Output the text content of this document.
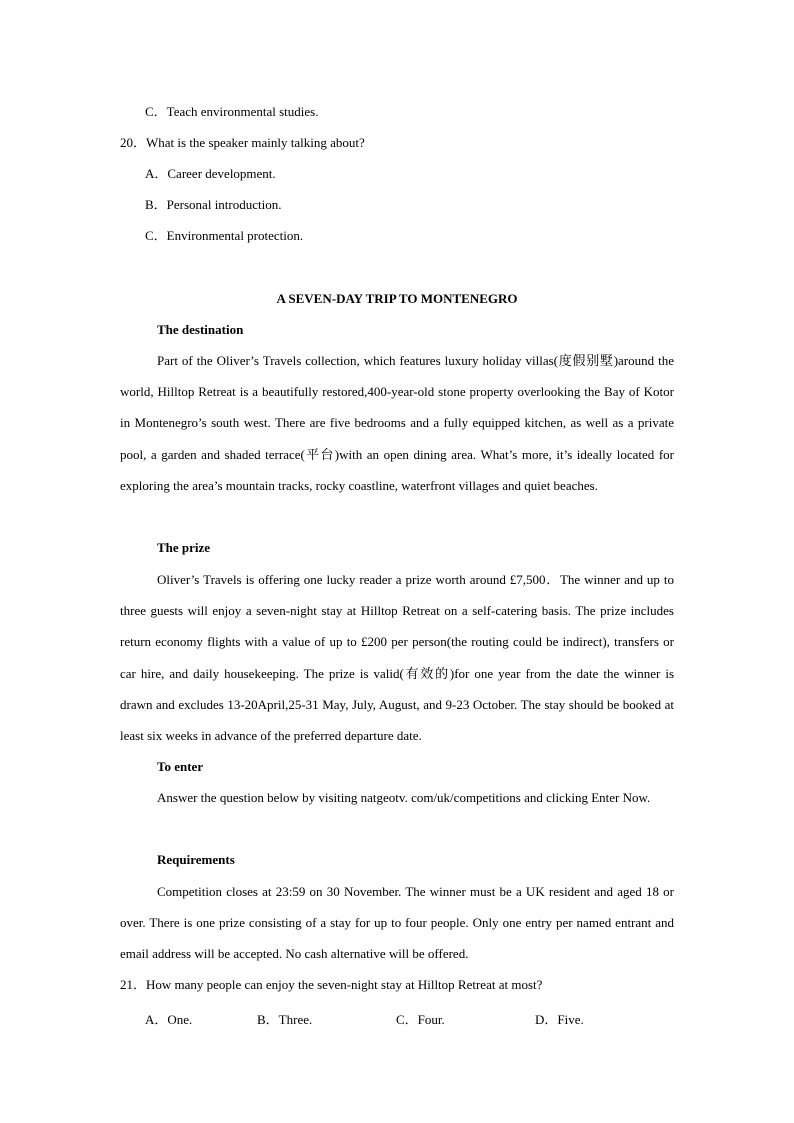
C．Teach environmental studies.
20．What is the speaker mainly talking about?
A．Career development.
B．Personal introduction.
C．Environmental protection.
A SEVEN-DAY TRIP TO MONTENEGRO
The destination
Part of the Oliver’s Travels collection, which features luxury holiday villas(度假别墅)around the world, Hilltop Retreat is a beautifully restored,400-year-old stone property overlooking the Bay of Kotor in Montenegro’s south west. There are five bedrooms and a fully equipped kitchen, as well as a private pool, a garden and shaded terrace(平台)with an open dining area. What’s more, it’s ideally located for exploring the area’s mountain tracks, rocky coastline, waterfront villages and quiet beaches.
The prize
Oliver’s Travels is offering one lucky reader a prize worth around £7,500．The winner and up to three guests will enjoy a seven-night stay at Hilltop Retreat on a self-catering basis. The prize includes return economy flights with a value of up to £200 per person(the routing could be indirect), transfers or car hire, and daily housekeeping. The prize is valid(有效的)for one year from the date the winner is drawn and excludes 13-20April,25-31 May, July, August, and 9-23 October. The stay should be booked at least six weeks in advance of the preferred departure date.
To enter
Answer the question below by visiting natgeotv. com/uk/competitions and clicking Enter Now.
Requirements
Competition closes at 23:59 on 30 November. The winner must be a UK resident and aged 18 or over. There is one prize consisting of a stay for up to four people. Only one entry per named entrant and email address will be accepted. No cash alternative will be offered.
21．How many people can enjoy the seven-night stay at Hilltop Retreat at most?
A．One.	B．Three.	C．Four.	D．Five.
